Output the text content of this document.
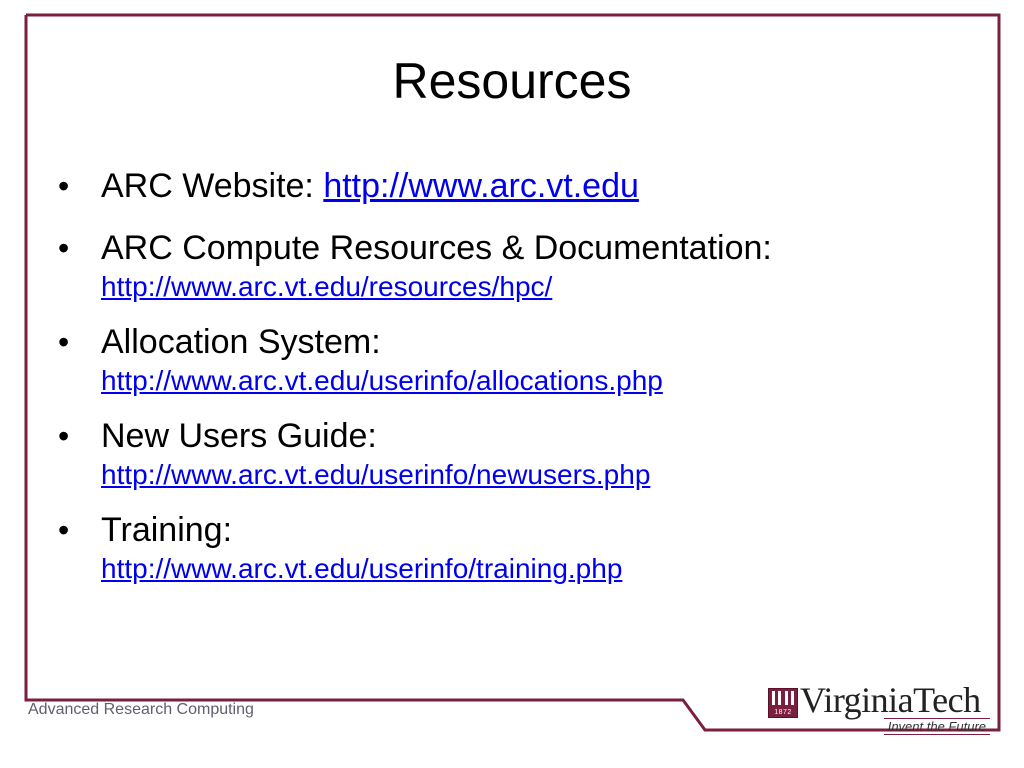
Resources
• ARC Website: http://www.arc.vt.edu
• ARC Compute Resources & Documentation:
http://www.arc.vt.edu/resources/hpc/
• Allocation System:
http://www.arc.vt.edu/userinfo/allocations.php
• New Users Guide:
http://www.arc.vt.edu/userinfo/newusers.php
• Training:
http://www.arc.vt.edu/userinfo/training.php
Advanced Research Computing	1872 VirginiaTech
Invent the Future
